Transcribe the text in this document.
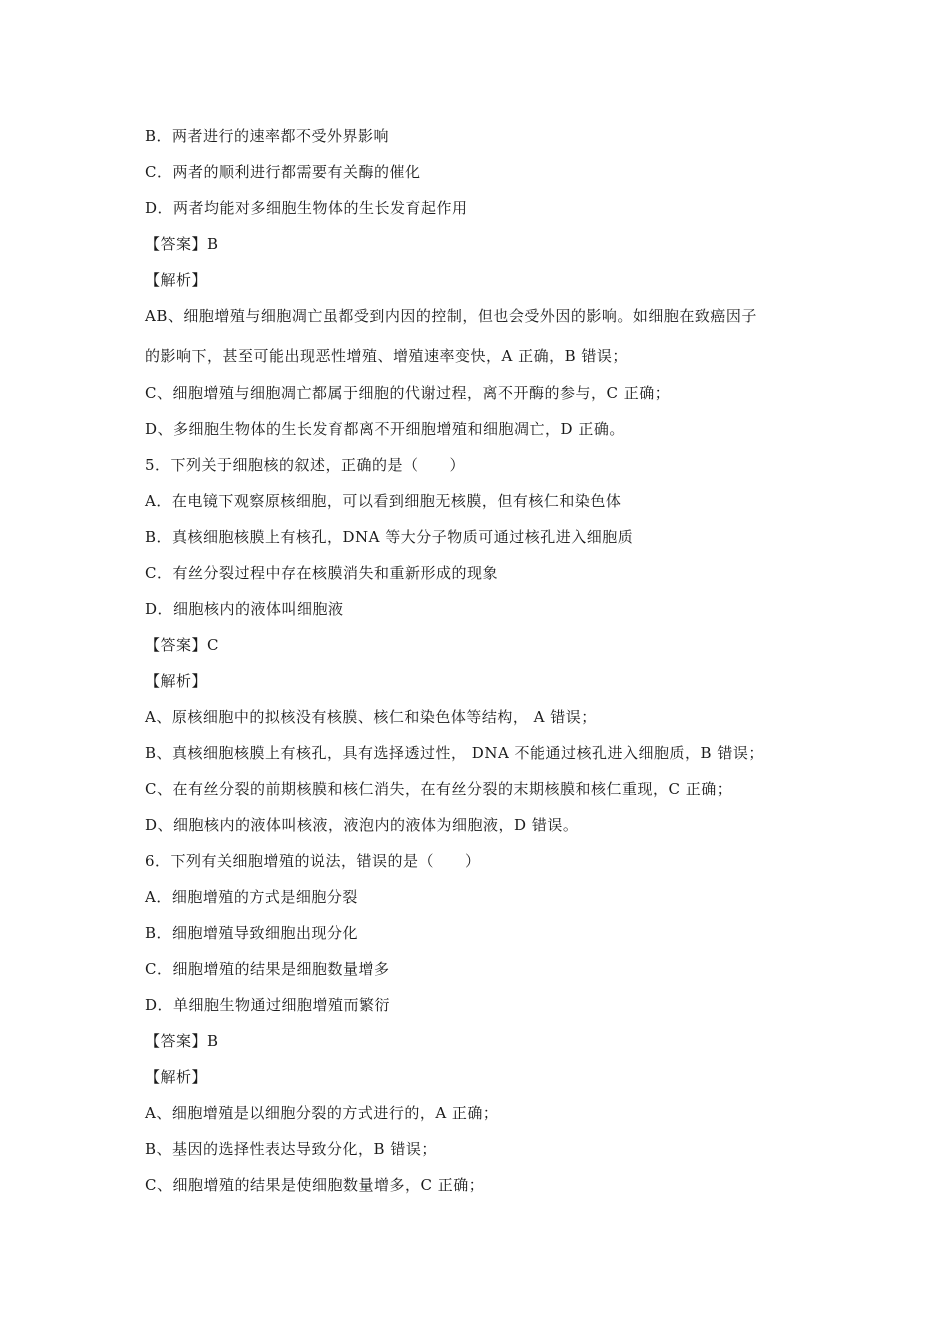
B．两者进行的速率都不受外界影响
C．两者的顺利进行都需要有关酶的催化
D．两者均能对多细胞生物体的生长发育起作用
【答案】B
【解析】
AB、细胞增殖与细胞凋亡虽都受到内因的控制，但也会受外因的影响。如细胞在致癌因子
的影响下，甚至可能出现恶性增殖、增殖速率变快，A 正确，B 错误；
C、细胞增殖与细胞凋亡都属于细胞的代谢过程，离不开酶的参与，C 正确；
D、多细胞生物体的生长发育都离不开细胞增殖和细胞凋亡，D 正确。
5．下列关于细胞核的叙述，正确的是（　　）
A．在电镜下观察原核细胞，可以看到细胞无核膜，但有核仁和染色体
B．真核细胞核膜上有核孔，DNA 等大分子物质可通过核孔进入细胞质
C．有丝分裂过程中存在核膜消失和重新形成的现象
D．细胞核内的液体叫细胞液
【答案】C
【解析】
A、原核细胞中的拟核没有核膜、核仁和染色体等结构， A 错误；
B、真核细胞核膜上有核孔，具有选择透过性， DNA 不能通过核孔进入细胞质，B 错误；
C、在有丝分裂的前期核膜和核仁消失，在有丝分裂的末期核膜和核仁重现，C 正确；
D、细胞核内的液体叫核液，液泡内的液体为细胞液，D 错误。
6．下列有关细胞增殖的说法，错误的是（　　）
A．细胞增殖的方式是细胞分裂
B．细胞增殖导致细胞出现分化
C．细胞增殖的结果是细胞数量增多
D．单细胞生物通过细胞增殖而繁衍
【答案】B
【解析】
A、细胞增殖是以细胞分裂的方式进行的，A 正确；
B、基因的选择性表达导致分化，B 错误；
C、细胞增殖的结果是使细胞数量增多，C 正确；
